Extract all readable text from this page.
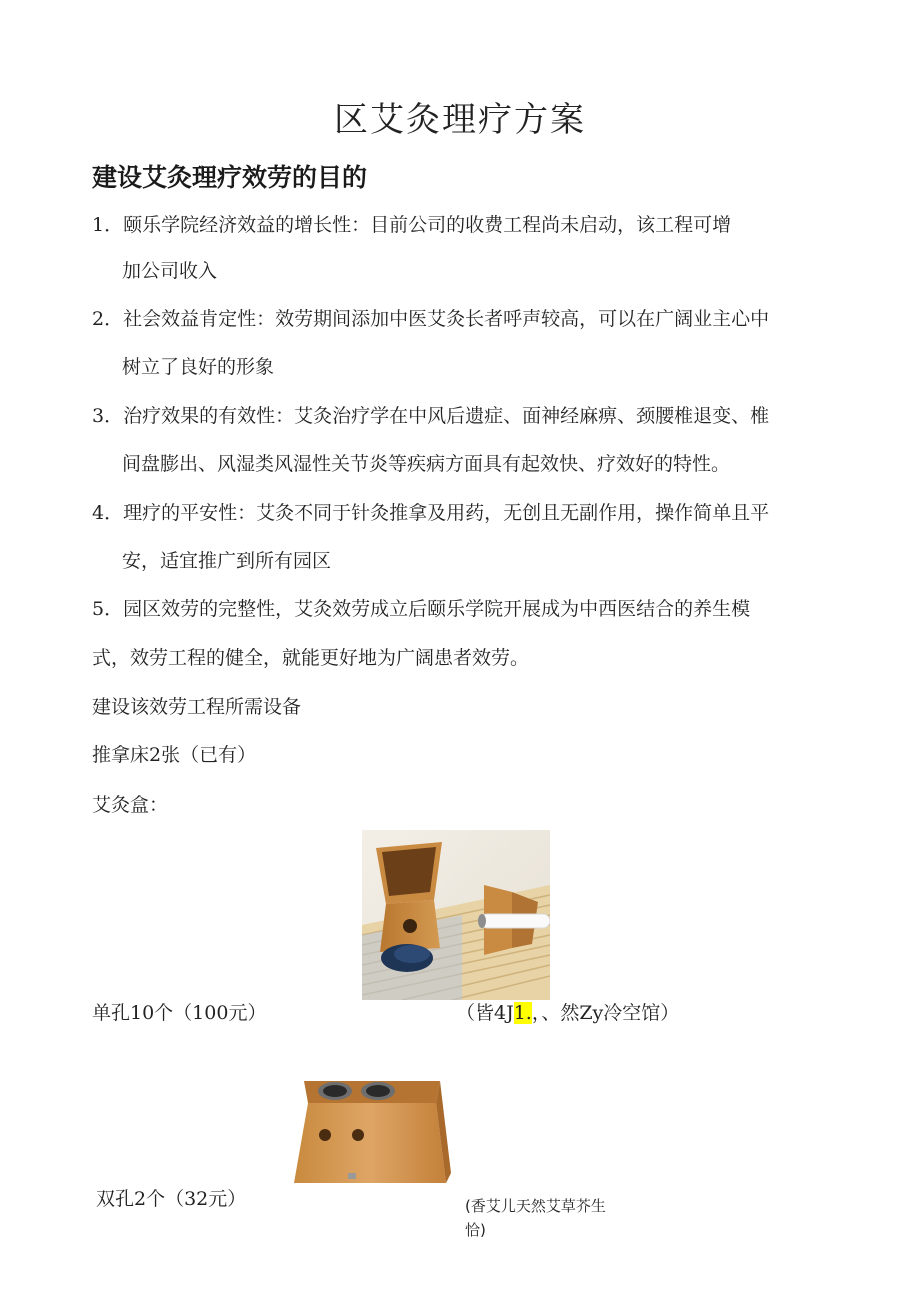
区艾灸理疗方案
建设艾灸理疗效劳的目的
1．颐乐学院经济效益的增长性：目前公司的收费工程尚未启动，该工程可增
加公司收入
2．社会效益肯定性：效劳期间添加中医艾灸长者呼声较高，可以在广阔业主心中
树立了良好的形象
3．治疗效果的有效性：艾灸治疗学在中风后遗症、面神经麻痹、颈腰椎退变、椎
间盘膨出、风湿类风湿性关节炎等疾病方面具有起效快、疗效好的特性。
4．理疗的平安性：艾灸不同于针灸推拿及用药，无创且无副作用，操作简单且平
安，适宜推广到所有园区
5．园区效劳的完整性，艾灸效劳成立后颐乐学院开展成为中西医结合的养生模
式，效劳工程的健全，就能更好地为广阔患者效劳。
建设该效劳工程所需设备
推拿床2张（已有）
艾灸盒：
单孔10个（100元）	（皆4J1.，、然Zy冷空馆）
双孔2个（32元）	(香艾儿天然艾草芥生
恰)
